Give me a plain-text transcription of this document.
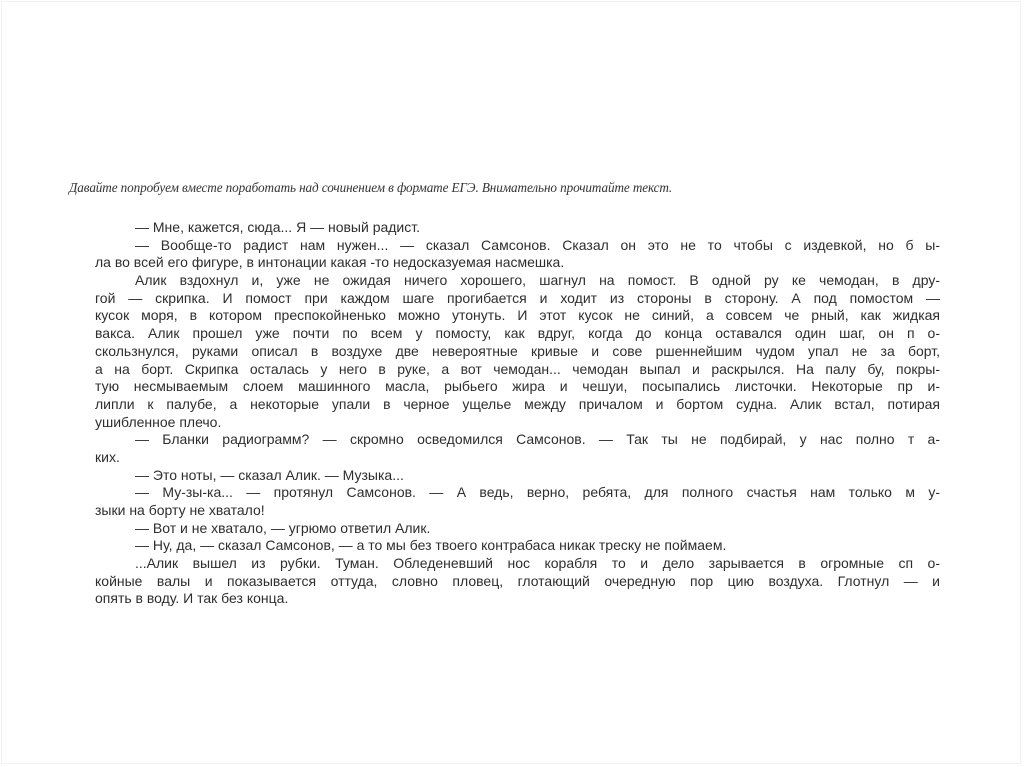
Давайте попробуем вместе поработать над сочинением в формате ЕГЭ. Внимательно прочитайте текст.
— Мне, кажется, сюда... Я — новый радист.
— Вообще-то радист нам нужен... — сказал Самсонов. Сказал он это не то чтобы с издевкой, но б ы-
ла во всей его фигуре, в интонации какая -то недосказуемая насмешка.
Алик вздохнул и, уже не ожидая ничего хорошего, шагнул на помост. В одной ру ке чемодан, в дру-
гой — скрипка. И помост при каждом шаге прогибается и ходит из стороны в сторону. А под помостом —
кусок моря, в котором преспокойненько можно утонуть. И этот кусок не синий, а совсем че рный, как жидкая
вакса. Алик прошел уже почти по всем у помосту, как вдруг, когда до конца оставался один шаг, он п о-
скользнулся, руками описал в воздухе две невероятные кривые и сове ршеннейшим чудом упал не за борт,
а на борт. Скрипка осталась у него в руке, а вот чемодан... чемодан выпал и раскрылся. На палу бу, покры-
тую несмываемым слоем машинного масла, рыбьего жира и чешуи, посыпались листочки. Некоторые пр и-
липли к палубе, а некоторые упали в черное ущелье между причалом и бортом судна. Алик встал, потирая
ушибленное плечо.
— Бланки радиограмм? — скромно осведомился Самсонов. — Так ты не подбирай, у нас полно т а-
ких.
— Это ноты, — сказал Алик. — Музыка...
— Му-зы-ка... — протянул Самсонов. — А ведь, верно, ребята, для полного счастья нам только м у-
зыки на борту не хватало!
— Вот и не хватало, — угрюмо ответил Алик.
— Ну, да, — сказал Самсонов, — а то мы без твоего контрабаса никак треску не поймаем.
...Алик вышел из рубки. Туман. Обледеневший нос корабля то и дело зарывается в огромные сп о-
койные валы и показывается оттуда, словно пловец, глотающий очередную пор цию воздуха. Глотнул — и
опять в воду. И так без конца.
